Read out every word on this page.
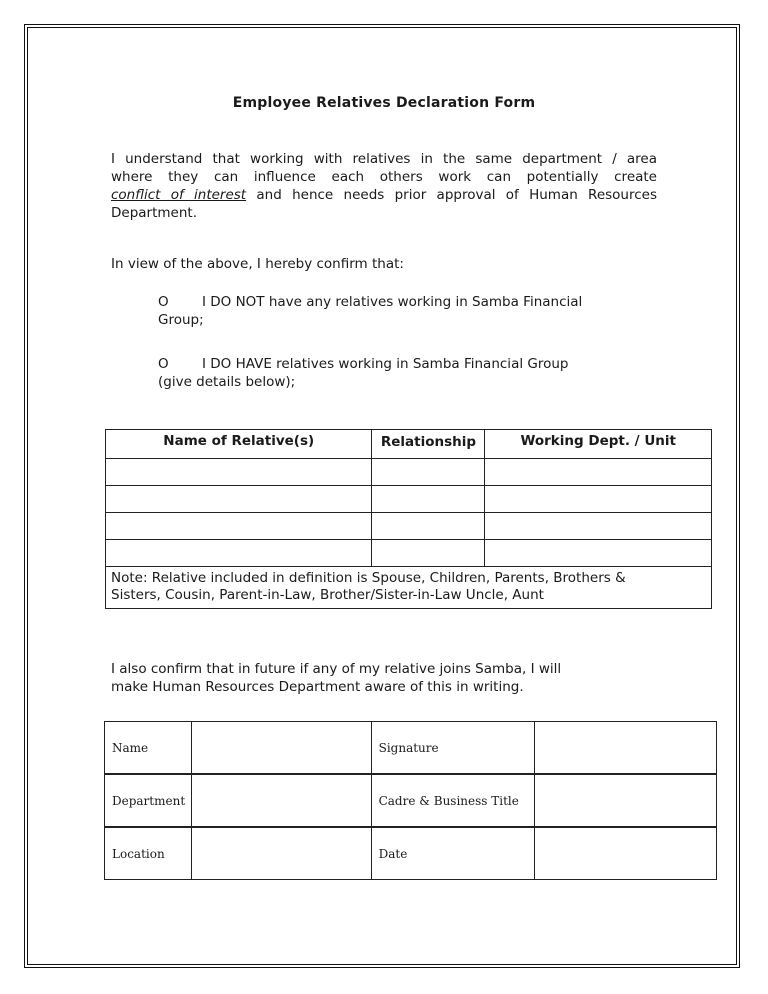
Employee Relatives Declaration Form
I understand that working with relatives in the same department / area
where they can influence each others work can potentially create
conflict of interest and hence needs prior approval of Human Resources
Department.
In view of the above, I hereby confirm that:
O I DO NOT have any relatives working in Samba Financial
Group;
O I DO HAVE relatives working in Samba Financial Group
(give details below);
Name of Relative(s)	Relationship	Working Dept. / Unit

Note: Relative included in definition is Spouse, Children, Parents, Brothers &
Sisters, Cousin, Parent-in-Law, Brother/Sister-in-Law Uncle, Aunt		
I also confirm that in future if any of my relative joins Samba, I will
make Human Resources Department aware of this in writing.
Name		Signature	
Department		Cadre & Business Title	
Location		Date	
